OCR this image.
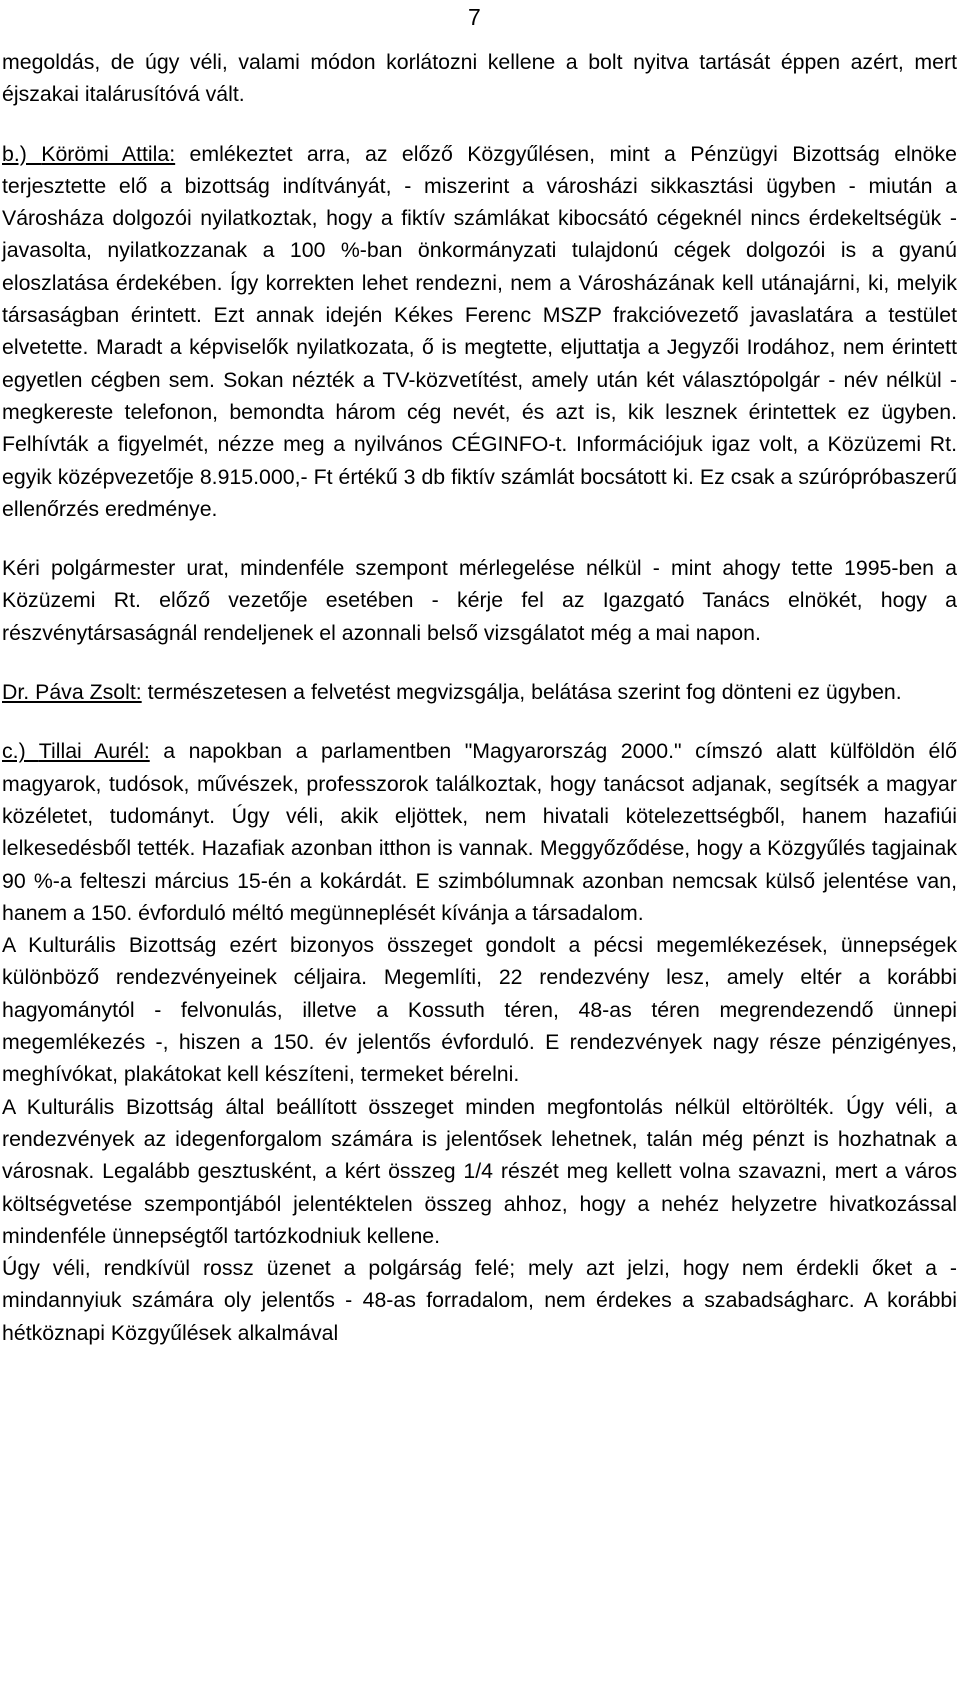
7

megoldás, de úgy véli, valami módon korlátozni kellene a bolt nyitva tartását éppen azért, mert éjszakai italárusítóvá vált.

b.) Körömi Attila: emlékeztet arra, az előző Közgyűlésen, mint a Pénzügyi Bizottság elnöke terjesztette elő a bizottság indítványát, - miszerint a városházi sikkasztási ügyben - miután a Városháza dolgozói nyilatkoztak, hogy a fiktív számlákat kibocsátó cégeknél nincs érdekeltségük - javasolta, nyilatkozzanak a 100 %-ban önkormányzati tulajdonú cégek dolgozói is a gyanú eloszlatása érdekében. Így korrekten lehet rendezni, nem a Városházának kell utánajárni, ki, melyik társaságban érintett. Ezt annak idején Kékes Ferenc MSZP frakcióvezető javaslatára a testület elvetette. Maradt a képviselők nyilatkozata, ő is megtette, eljuttatja a Jegyzői Irodához, nem érintett egyetlen cégben sem. Sokan nézték a TV-közvetítést, amely után két választópolgár - név nélkül - megkereste telefonon, bemondta három cég nevét, és azt is, kik lesznek érintettek ez ügyben. Felhívták a figyelmét, nézze meg a nyilvános CÉGINFO-t. Információjuk igaz volt, a Közüzemi Rt. egyik középvezetője 8.915.000,- Ft értékű 3 db fiktív számlát bocsátott ki. Ez csak a szúrópróbaszerű ellenőrzés eredménye.

Kéri polgármester urat, mindenféle szempont mérlegelése nélkül - mint ahogy tette 1995-ben a Közüzemi Rt. előző vezetője esetében - kérje fel az Igazgató Tanács elnökét, hogy a részvénytársaságnál rendeljenek el azonnali belső vizsgálatot még a mai napon.

Dr. Páva Zsolt: természetesen a felvetést megvizsgálja, belátása szerint fog dönteni ez ügyben.

c.) Tillai Aurél: a napokban a parlamentben "Magyarország 2000." címszó alatt külföldön élő magyarok, tudósok, művészek, professzorok találkoztak, hogy tanácsot adjanak, segítsék a magyar közéletet, tudományt. Úgy véli, akik eljöttek, nem hivatali kötelezettségből, hanem hazafiúi lelkesedésből tették. Hazafiak azonban itthon is vannak. Meggyőződése, hogy a Közgyűlés tagjainak 90 %-a felteszi március 15-én a kokárdát. E szimbólumnak azonban nemcsak külső jelentése van, hanem a 150. évforduló méltó megünneplését kívánja a társadalom.

A Kulturális Bizottság ezért bizonyos összeget gondolt a pécsi megemlékezések, ünnepségek különböző rendezvényeinek céljaira. Megemlíti, 22 rendezvény lesz, amely eltér a korábbi hagyománytól - felvonulás, illetve a Kossuth téren, 48-as téren megrendezendő ünnepi megemlékezés -, hiszen a 150. év jelentős évforduló. E rendezvények nagy része pénzigényes, meghívókat, plakátokat kell készíteni, termeket bérelni.

A Kulturális Bizottság által beállított összeget minden megfontolás nélkül eltörölték. Úgy véli, a rendezvények az idegenforgalom számára is jelentősek lehetnek, talán még pénzt is hozhatnak a városnak. Legalább gesztusként, a kért összeg 1/4 részét meg kellett volna szavazni, mert a város költségvetése szempontjából jelentéktelen összeg ahhoz, hogy a nehéz helyzetre hivatkozással mindenféle ünnepségtől tartózkodniuk kellene.

Úgy véli, rendkívül rossz üzenet a polgárság felé; mely azt jelzi, hogy nem érdekli őket a - mindannyiuk számára oly jelentős - 48-as forradalom, nem érdekes a szabadságharc. A korábbi hétköznapi Közgyűlések alkalmával
